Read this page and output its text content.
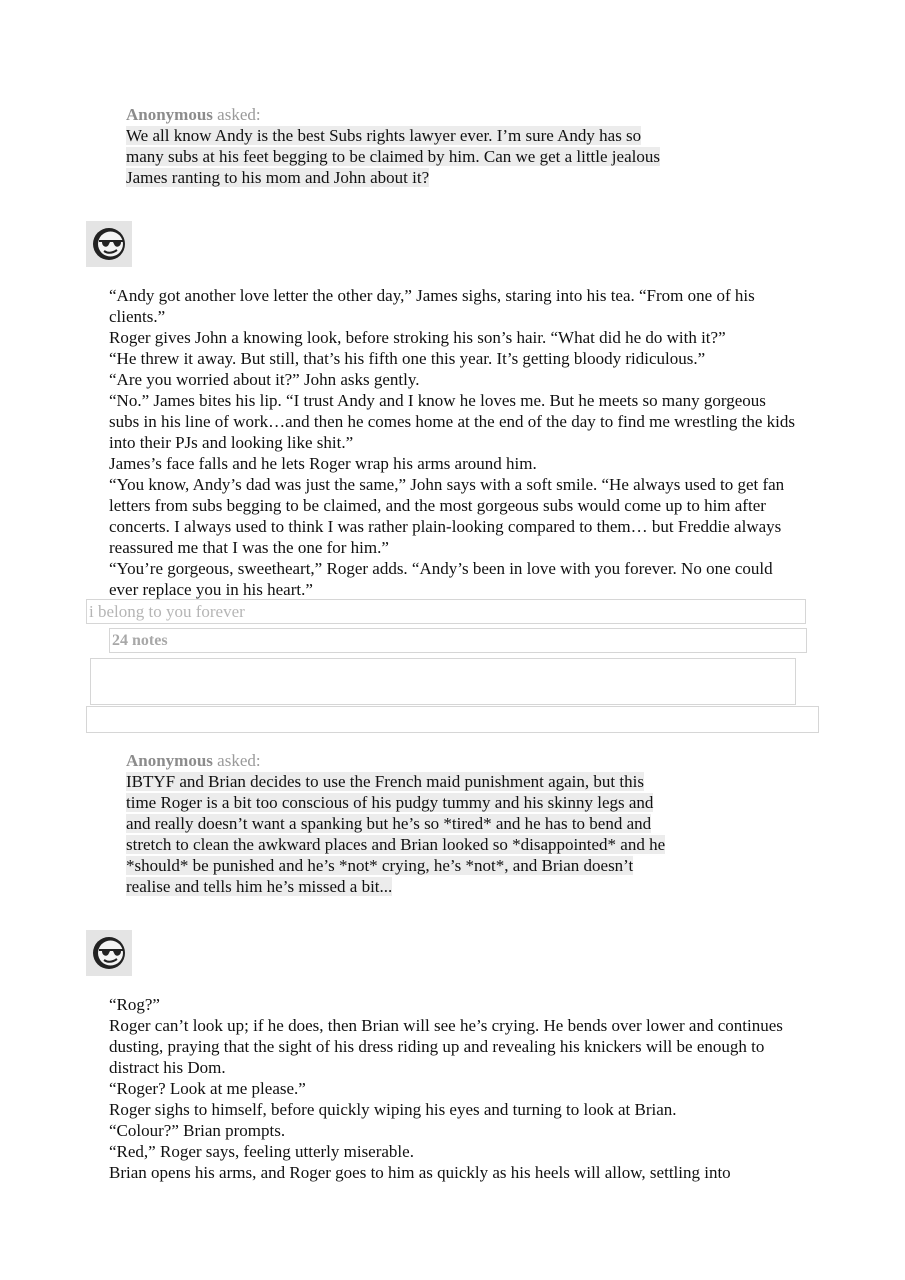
Anonymous asked:
We all know Andy is the best Subs rights lawyer ever. I’m sure Andy has so
many subs at his feet begging to be claimed by him. Can we get a little jealous
James ranting to his mom and John about it?

“Andy got another love letter the other day,” James sighs, staring into his tea. “From one of his clients.”

Roger gives John a knowing look, before stroking his son’s hair. “What did he do with it?”

“He threw it away. But still, that’s his fifth one this year. It’s getting bloody ridiculous.”

“Are you worried about it?” John asks gently.

“No.” James bites his lip. “I trust Andy and I know he loves me. But he meets so many gorgeous subs in his line of work…and then he comes home at the end of the day to find me wrestling the kids into their PJs and looking like shit.”

James’s face falls and he lets Roger wrap his arms around him.

“You know, Andy’s dad was just the same,” John says with a soft smile. “He always used to get fan letters from subs begging to be claimed, and the most gorgeous subs would come up to him after concerts. I always used to think I was rather plain-looking compared to them… but Freddie always reassured me that I was the one for him.”

“You’re gorgeous, sweetheart,” Roger adds. “Andy’s been in love with you forever. No one could ever replace you in his heart.”

i belong to you forever
24 notes
Anonymous asked:
IBTYF and Brian decides to use the French maid punishment again, but this
time Roger is a bit too conscious of his pudgy tummy and his skinny legs and
and really doesn’t want a spanking but he’s so *tired* and he has to bend and
stretch to clean the awkward places and Brian looked so *disappointed* and he
*should* be punished and he’s *not* crying, he’s *not*, and Brian doesn’t
realise and tells him he’s missed a bit...

“Rog?”

Roger can’t look up; if he does, then Brian will see he’s crying. He bends over lower and continues dusting, praying that the sight of his dress riding up and revealing his knickers will be enough to distract his Dom.

“Roger? Look at me please.”

Roger sighs to himself, before quickly wiping his eyes and turning to look at Brian.

“Colour?” Brian prompts.

“Red,” Roger says, feeling utterly miserable.

Brian opens his arms, and Roger goes to him as quickly as his heels will allow, settling into
